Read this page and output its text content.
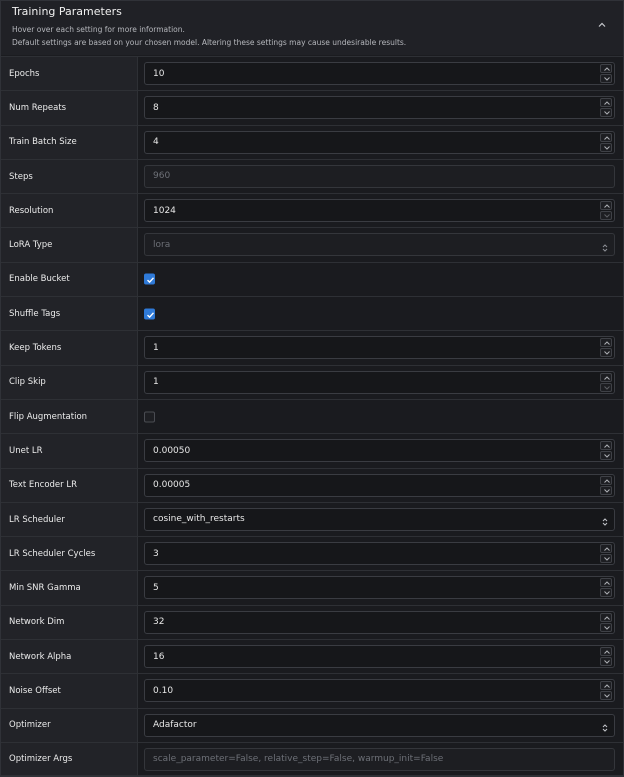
Training Parameters
Hover over each setting for more information.
Default settings are based on your chosen model. Altering these settings may cause undesirable results.
Epochs	10
Num Repeats	8
Train Batch Size	4
Steps	960
Resolution	1024
LoRA Type	lora
Enable Bucket
Shuffle Tags
Keep Tokens	1
Clip Skip	1
Flip Augmentation
Unet LR	0.00050
Text Encoder LR	0.00005
LR Scheduler	cosine_with_restarts
LR Scheduler Cycles	3
Min SNR Gamma	5
Network Dim	32
Network Alpha	16
Noise Offset	0.10
Optimizer	Adafactor
Optimizer Args	scale_parameter=False, relative_step=False, warmup_init=False
